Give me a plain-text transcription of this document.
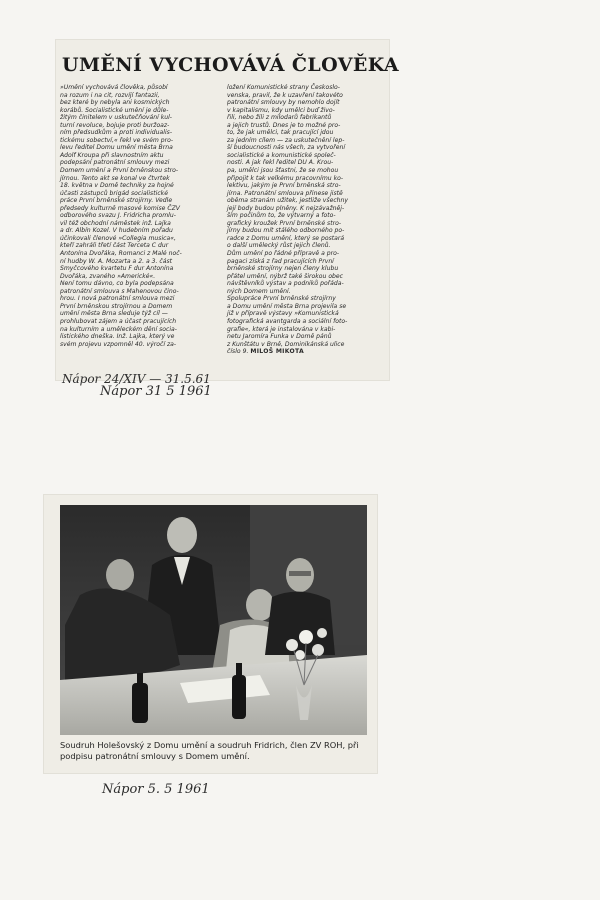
UMĚNÍ VYCHOVÁVÁ ČLOVĚKA
»Umění vychovává člověka, působí
na rozum i na cit, rozvíjí fantazii,
bez které by nebyla ani kosmických
korábů. Socialistické umění je důle-
žitým činitelem v uskutečňování kul-
turní revoluce, bojuje proti buržoaz-
ním předsudkům a proti individualis-
tickému sobectví,« řekl ve svém pro-
levu ředitel Domu umění města Brna
Adolf Kroupa při slavnostním aktu
podepsání patronátní smlouvy mezi
Domem umění a První brněnskou stro-
jírnou. Tento akt se konal ve čtvrtek
18. května v Domě techniky za hojné
účasti zástupců brigád socialistické
práce První brněnské strojírny. Vedle
předsedy kulturně masové komise ČZV
odborového svazu J. Fridricha promlu-
vil též obchodní náměstek inž. Lajka
a dr. Albín Kozel. V hudebním pořadu
účinkovali členové »Collegia musica«,
kteří zahráli třetí část Terceta C dur
Antonína Dvořáka, Romanci z Malé noč-
ní hudby W. A. Mozarta a 2. a 3. část
Smyčcového kvartetu F dur Antonína
Dvořáka, zvaného »Americké«.
Není tomu dávno, co byla podepsána
patronátní smlouva s Mahenovou čino-
hrou. I nová patronátní smlouva mezi
První brněnskou strojírnou a Domem
umění města Brna sleduje týž cíl —
prohlubovat zájem a účast pracujících
na kulturním a uměleckém dění socia-
listického dneška. Inž. Lajka, který ve
svém projevu vzpomněl 40. výročí za-
ložení Komunistické strany Českoslo-
venska, pravil, že k uzavření takovéto
patronátní smlouvy by nemohlo dojít
v kapitalismu, kdy umělci buď živo-
řili, nebo žili z milodarů fabrikantů
a jejich trustů. Dnes je to možné pro-
to, že jak umělci, tak pracující jdou
za jedním cílem — za uskutečnění lep-
ší budoucnosti nás všech, za vytvoření
socialistické a komunistické společ-
nosti. A jak řekl ředitel DU A. Krou-
pa, umělci jsou šťastni, že se mohou
připojit k tak velkému pracovnímu ko-
lektivu, jakým je První brněnská stro-
jírna. Patronátní smlouva přinese jistě
oběma stranám užitek, jestliže všechny
její body budou plněny. K nejzávažněj-
ším počinům to, že výtvarný a foto-
grafický kroužek První brněnské stro-
jírny budou mít stálého odborného po-
radce z Domu umění, který se postará
o další umělecký růst jejich členů.
Dům umění po řádné přípravě a pro-
pagaci získá z řad pracujících První
brněnské strojírny nejen členy klubu
přátel umění, nýbrž také širokou obec
návštěvníků výstav a podniků pořáda-
ných Domem umění.
Spolupráce První brněnské strojírny
a Domu umění města Brna projevila se
již v přípravě výstavy »Komunistická
fotografická avantgarda a sociální foto-
grafie«, která je instalována v kabi-
netu Jaromíra Funka v Domě pánů
z Kunštátu v Brně, Dominikánská ulice
číslo 9. MILOŠ MIKOTA
Nápor 24/XIV — 31.5.61
Nápor 31 5 1961
Soudruh Holešovský z Domu umění a soudruh Fridrich, člen ZV ROH, při
podpisu patronátní smlouvy s Domem umění.
Nápor 5. 5 1961
